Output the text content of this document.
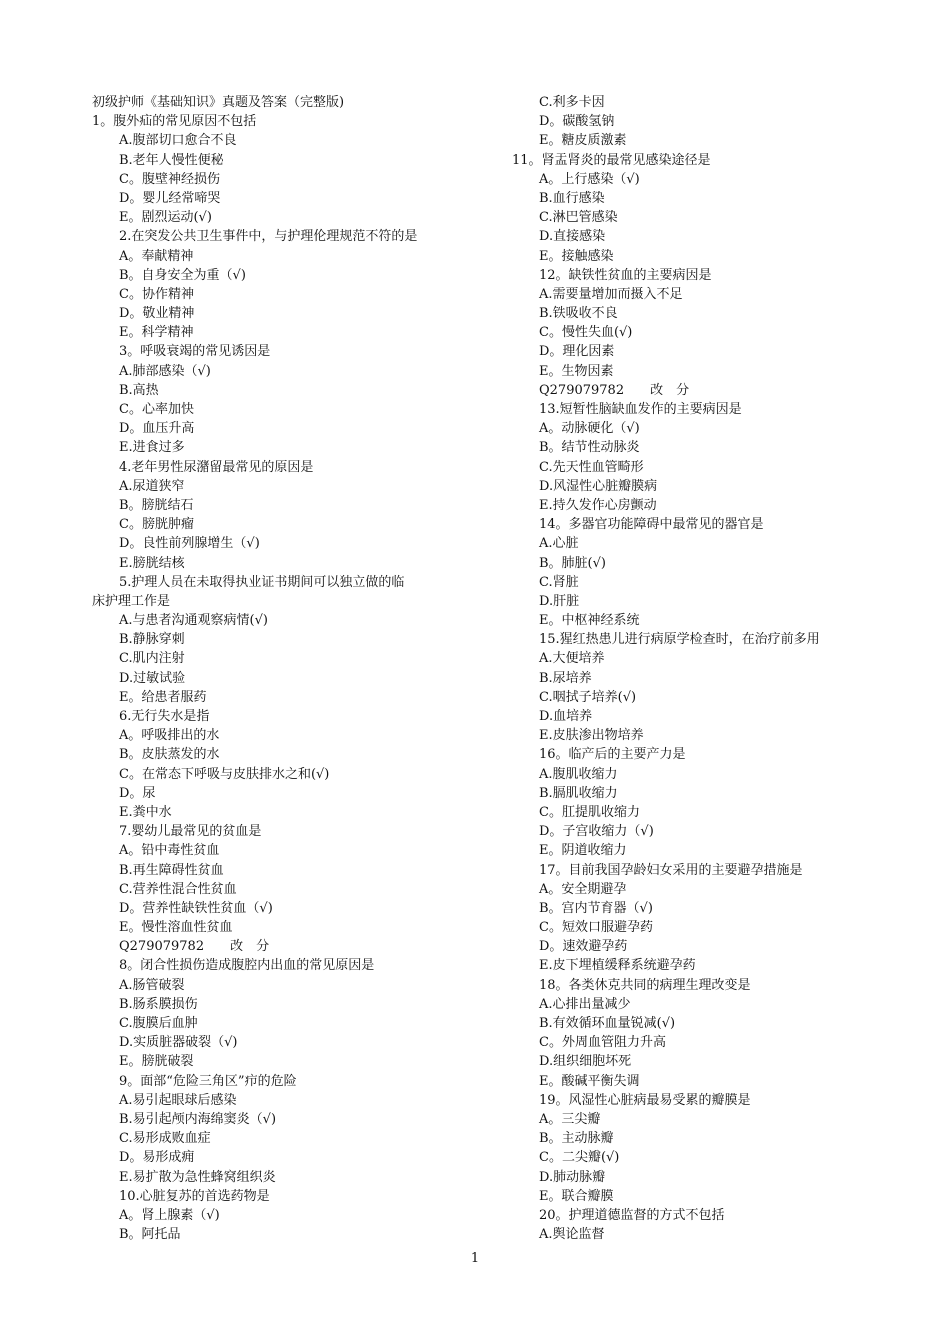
初级护师《基础知识》真题及答案（完整版)
1。腹外疝的常见原因不包括
A.腹部切口愈合不良
B.老年人慢性便秘
C。腹壁神经损伤
D。婴儿经常啼哭
E。剧烈运动(√)
2.在突发公共卫生事件中，与护理伦理规范不符的是
A。奉献精神
B。自身安全为重（√)
C。协作精神
D。敬业精神
E。科学精神
3。呼吸衰竭的常见诱因是
A.肺部感染（√)
B.高热
C。心率加快
D。血压升高
E.进食过多
4.老年男性尿潴留最常见的原因是
A.尿道狭窄
B。膀胱结石
C。膀胱肿瘤
D。良性前列腺增生（√)
E.膀胱结核
5.护理人员在未取得执业证书期间可以独立做的临
床护理工作是
A.与患者沟通观察病情(√)
B.静脉穿刺
C.肌内注射
D.过敏试验
E。给患者服药
6.无行失水是指
A。呼吸排出的水
B。皮肤蒸发的水
C。在常态下呼吸与皮肤排水之和(√)
D。尿
E.粪中水
7.婴幼儿最常见的贫血是
A。铅中毒性贫血
B.再生障碍性贫血
C.营养性混合性贫血
D。营养性缺铁性贫血（√)
E。慢性溶血性贫血
Q279079782　　改　分
8。闭合性损伤造成腹腔内出血的常见原因是
A.肠管破裂
B.肠系膜损伤
C.腹膜后血肿
D.实质脏器破裂（√)
E。膀胱破裂
9。面部“危险三角区”疖的危险
A.易引起眼球后感染
B.易引起颅内海绵窦炎（√)
C.易形成败血症
D。易形成痈
E.易扩散为急性蜂窝组织炎
10.心脏复苏的首选药物是
A。肾上腺素（√)
B。阿托品
C.利多卡因
D。碳酸氢钠
E。糖皮质激素
11。肾盂肾炎的最常见感染途径是
A。上行感染（√)
B.血行感染
C.淋巴管感染
D.直接感染
E。接触感染
12。缺铁性贫血的主要病因是
A.需要量增加而摄入不足
B.铁吸收不良
C。慢性失血(√)
D。理化因素
E。生物因素
Q279079782　　改　分
13.短暂性脑缺血发作的主要病因是
A。动脉硬化（√)
B。结节性动脉炎
C.先天性血管畸形
D.风湿性心脏瓣膜病
E.持久发作心房颤动
14。多器官功能障碍中最常见的器官是
A.心脏
B。肺脏(√)
C.肾脏
D.肝脏
E。中枢神经系统
15.猩红热患儿进行病原学检查时，在治疗前多用
A.大便培养
B.尿培养
C.咽拭子培养(√)
D.血培养
E.皮肤渗出物培养
16。临产后的主要产力是
A.腹肌收缩力
B.膈肌收缩力
C。肛提肌收缩力
D。子宫收缩力（√)
E。阴道收缩力
17。目前我国孕龄妇女采用的主要避孕措施是
A。安全期避孕
B。宫内节育器（√)
C。短效口服避孕药
D。速效避孕药
E.皮下埋植缓释系统避孕药
18。各类休克共同的病理生理改变是
A.心排出量减少
B.有效循环血量锐减(√)
C。外周血管阻力升高
D.组织细胞坏死
E。酸碱平衡失调
19。风湿性心脏病最易受累的瓣膜是
A。三尖瓣
B。主动脉瓣
C。二尖瓣(√)
D.肺动脉瓣
E。联合瓣膜
20。护理道德监督的方式不包括
A.舆论监督
1
